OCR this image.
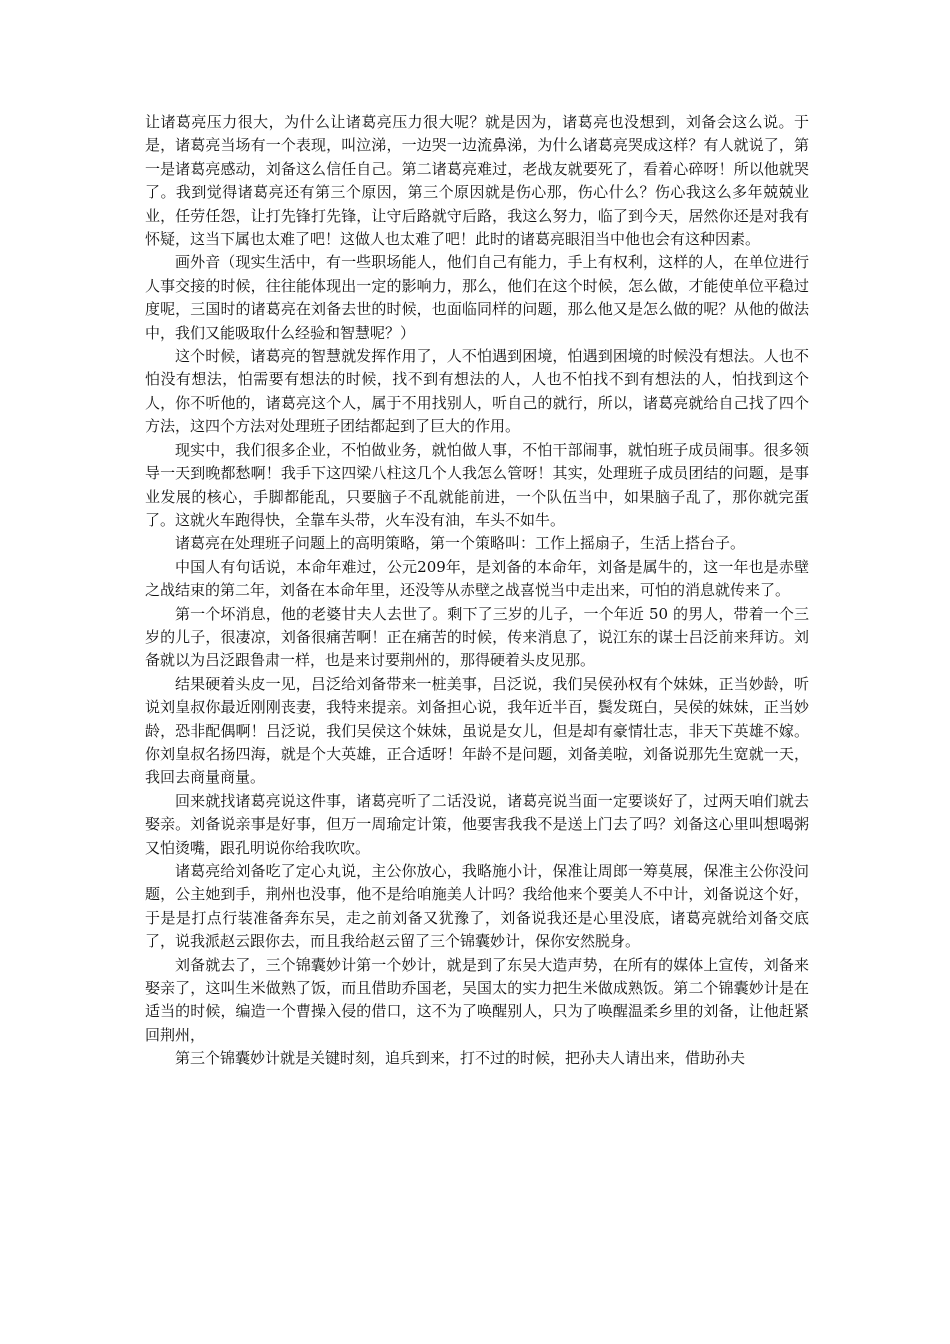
让诸葛亮压力很大，为什么让诸葛亮压力很大呢？就是因为，诸葛亮也没想到，刘备会这么说。于是，诸葛亮当场有一个表现，叫泣涕，一边哭一边流鼻涕，为什么诸葛亮哭成这样？有人就说了，第一是诸葛亮感动，刘备这么信任自己。第二诸葛亮难过，老战友就要死了，看着心碎呀！所以他就哭了。我到觉得诸葛亮还有第三个原因，第三个原因就是伤心那，伤心什么？伤心我这么多年兢兢业业，任劳任怨，让打先锋打先锋，让守后路就守后路，我这么努力，临了到今天，居然你还是对我有怀疑，这当下属也太难了吧！这做人也太难了吧！此时的诸葛亮眼泪当中他也会有这种因素。

画外音（现实生活中，有一些职场能人，他们自己有能力，手上有权利，这样的人，在单位进行人事交接的时候，往往能体现出一定的影响力，那么，他们在这个时候，怎么做，才能使单位平稳过度呢，三国时的诸葛亮在刘备去世的时候，也面临同样的问题，那么他又是怎么做的呢？从他的做法中，我们又能吸取什么经验和智慧呢？）

这个时候，诸葛亮的智慧就发挥作用了，人不怕遇到困境，怕遇到困境的时候没有想法。人也不怕没有想法，怕需要有想法的时候，找不到有想法的人，人也不怕找不到有想法的人，怕找到这个人，你不听他的，诸葛亮这个人，属于不用找别人，听自己的就行，所以，诸葛亮就给自己找了四个方法，这四个方法对处理班子团结都起到了巨大的作用。

现实中，我们很多企业，不怕做业务，就怕做人事，不怕干部闹事，就怕班子成员闹事。很多领导一天到晚都愁啊！我手下这四梁八柱这几个人我怎么管呀！其实，处理班子成员团结的问题，是事业发展的核心，手脚都能乱，只要脑子不乱就能前进，一个队伍当中，如果脑子乱了，那你就完蛋了。这就火车跑得快，全靠车头带，火车没有油，车头不如牛。

诸葛亮在处理班子问题上的高明策略，第一个策略叫：工作上摇扇子，生活上搭台子。

中国人有句话说，本命年难过，公元209年，是刘备的本命年，刘备是属牛的，这一年也是赤壁之战结束的第二年，刘备在本命年里，还没等从赤壁之战喜悦当中走出来，可怕的消息就传来了。

第一个坏消息，他的老婆甘夫人去世了。剩下了三岁的儿子，一个年近 50 的男人，带着一个三岁的儿子，很凄凉，刘备很痛苦啊！正在痛苦的时候，传来消息了，说江东的谋士吕泛前来拜访。刘备就以为吕泛跟鲁肃一样，也是来讨要荆州的，那得硬着头皮见那。

结果硬着头皮一见，吕泛给刘备带来一桩美事，吕泛说，我们吴侯孙权有个妹妹，正当妙龄，听说刘皇叔你最近刚刚丧妻，我特来提亲。刘备担心说，我年近半百，鬓发斑白，吴侯的妹妹，正当妙龄，恐非配偶啊！吕泛说，我们吴侯这个妹妹，虽说是女儿，但是却有豪情壮志，非天下英雄不嫁。你刘皇叔名扬四海，就是个大英雄，正合适呀！年龄不是问题，刘备美啦，刘备说那先生宽就一天，我回去商量商量。

回来就找诸葛亮说这件事，诸葛亮听了二话没说，诸葛亮说当面一定要谈好了，过两天咱们就去娶亲。刘备说亲事是好事，但万一周瑜定计策，他要害我我不是送上门去了吗？刘备这心里叫想喝粥又怕烫嘴，跟孔明说你给我吹吹。

诸葛亮给刘备吃了定心丸说，主公你放心，我略施小计，保准让周郎一筹莫展，保准主公你没问题，公主她到手，荆州也没事，他不是给咱施美人计吗？我给他来个要美人不中计，刘备说这个好，于是是打点行装准备奔东吴，走之前刘备又犹豫了，刘备说我还是心里没底，诸葛亮就给刘备交底了，说我派赵云跟你去，而且我给赵云留了三个锦囊妙计，保你安然脱身。

刘备就去了，三个锦囊妙计第一个妙计，就是到了东吴大造声势，在所有的媒体上宣传，刘备来娶亲了，这叫生米做熟了饭，而且借助乔国老，吴国太的实力把生米做成熟饭。第二个锦囊妙计是在适当的时候，编造一个曹操入侵的借口，这不为了唤醒别人，只为了唤醒温柔乡里的刘备，让他赶紧回荆州，

第三个锦囊妙计就是关键时刻，追兵到来，打不过的时候，把孙夫人请出来，借助孙夫
